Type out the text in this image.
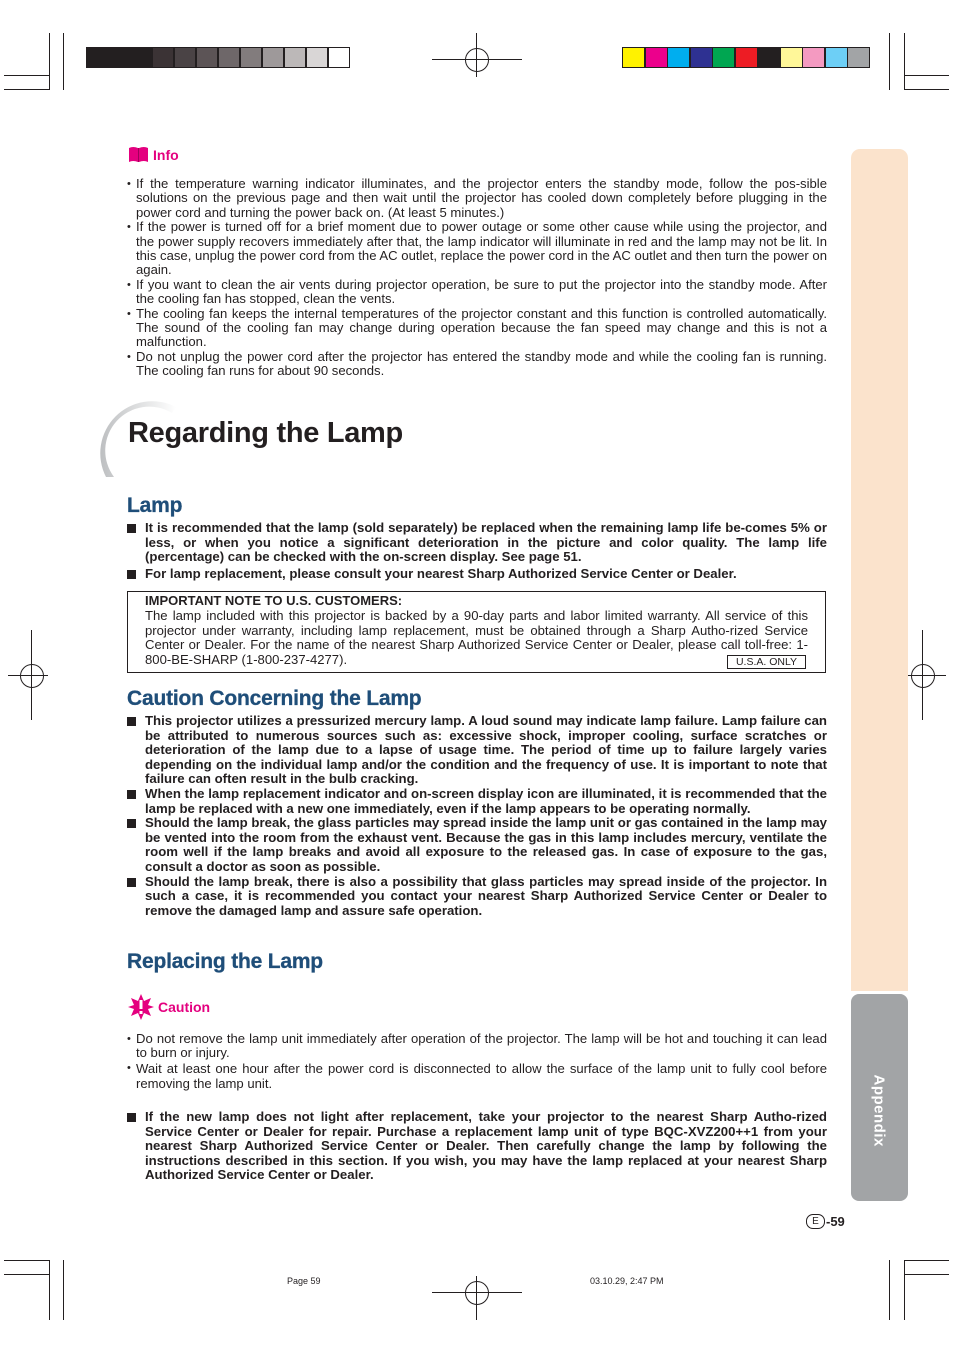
Appendix
Info
• If the temperature warning indicator illuminates, and the projector enters the standby mode, follow the pos-sible solutions on the previous page and then wait until the projector has cooled down completely before plugging in the power cord and turning the power back on. (At least 5 minutes.)
• If the power is turned off for a brief moment due to power outage or some other cause while using the projector, and the power supply recovers immediately after that, the lamp indicator will illuminate in red and the lamp may not be lit. In this case, unplug the power cord from the AC outlet, replace the power cord in the AC outlet and then turn the power on again.
• If you want to clean the air vents during projector operation, be sure to put the projector into the standby mode. After the cooling fan has stopped, clean the vents.
• The cooling fan keeps the internal temperatures of the projector constant and this function is controlled automatically. The sound of the cooling fan may change during operation because the fan speed may change and this is not a malfunction.
• Do not unplug the power cord after the projector has entered the standby mode and while the cooling fan is running. The cooling fan runs for about 90 seconds.
Regarding the Lamp
Lamp
It is recommended that the lamp (sold separately) be replaced when the remaining lamp life be-comes 5% or less, or when you notice a significant deterioration in the picture and color quality. The lamp life (percentage) can be checked with the on-screen display. See page 51.
For lamp replacement, please consult your nearest Sharp Authorized Service Center or Dealer.
IMPORTANT NOTE TO U.S. CUSTOMERS:
The lamp included with this projector is backed by a 90-day parts and labor limited warranty. All service of this projector under warranty, including lamp replacement, must be obtained through a Sharp Autho-rized Service Center or Dealer. For the name of the nearest Sharp Authorized Service Center or Dealer, please call toll-free: 1-800-BE-SHARP (1-800-237-4277).	U.S.A. ONLY
Caution Concerning the Lamp
This projector utilizes a pressurized mercury lamp. A loud sound may indicate lamp failure. Lamp failure can be attributed to numerous sources such as: excessive shock, improper cooling, surface scratches or deterioration of the lamp due to a lapse of usage time. The period of time up to failure largely varies depending on the individual lamp and/or the condition and the frequency of use. It is important to note that failure can often result in the bulb cracking.
When the lamp replacement indicator and on-screen display icon are illuminated, it is recommended that the lamp be replaced with a new one immediately, even if the lamp appears to be operating normally.
Should the lamp break, the glass particles may spread inside the lamp unit or gas contained in the lamp may be vented into the room from the exhaust vent. Because the gas in this lamp includes mercury, ventilate the room well if the lamp breaks and avoid all exposure to the released gas. In case of exposure to the gas, consult a doctor as soon as possible.
Should the lamp break, there is also a possibility that glass particles may spread inside of the projector. In such a case, it is recommended you contact your nearest Sharp Authorized Service Center or Dealer to remove the damaged lamp and assure safe operation.
Replacing the Lamp
Caution
• Do not remove the lamp unit immediately after operation of the projector. The lamp will be hot and touching it can lead to burn or injury.
• Wait at least one hour after the power cord is disconnected to allow the surface of the lamp unit to fully cool before removing the lamp unit.
If the new lamp does not light after replacement, take your projector to the nearest Sharp Autho-rized Service Center or Dealer for repair. Purchase a replacement lamp unit of type BQC-XVZ200++1 from your nearest Sharp Authorized Service Center or Dealer. Then carefully change the lamp by following the instructions described in this section. If you wish, you may have the lamp replaced at your nearest Sharp Authorized Service Center or Dealer.
E -59
Page 59	03.10.29, 2:47 PM
